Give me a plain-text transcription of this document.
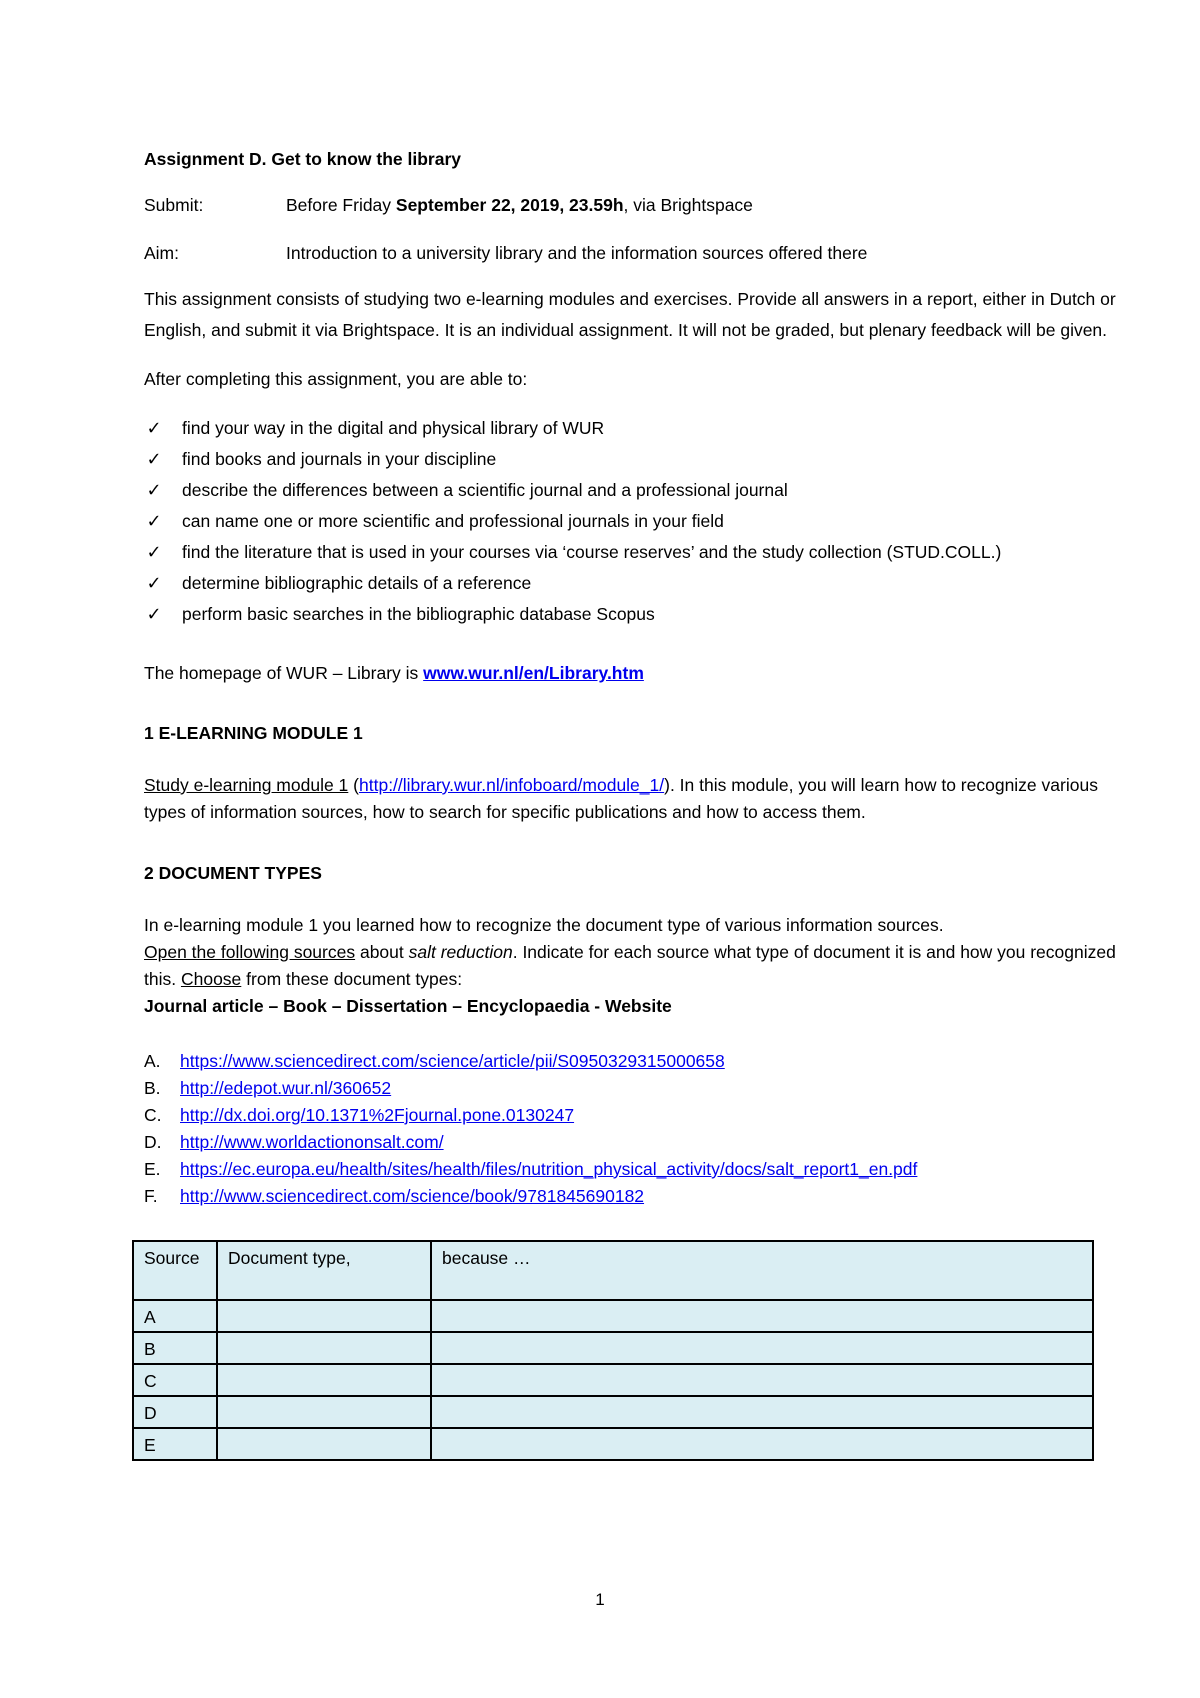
Assignment D. Get to know the library

Submit:	Before Friday September 22, 2019, 23.59h, via Brightspace
Aim:	Introduction to a university library and the information sources offered there

This assignment consists of studying two e-learning modules and exercises. Provide all answers in a report, either in Dutch or English, and submit it via Brightspace. It is an individual assignment. It will not be graded, but plenary feedback will be given.

After completing this assignment, you are able to:

✓ find your way in the digital and physical library of WUR
✓ find books and journals in your discipline
✓ describe the differences between a scientific journal and a professional journal
✓ can name one or more scientific and professional journals in your field
✓ find the literature that is used in your courses via ‘course reserves’ and the study collection (STUD.COLL.)
✓ determine bibliographic details of a reference
✓ perform basic searches in the bibliographic database Scopus

The homepage of WUR – Library is www.wur.nl/en/Library.htm

1 E-LEARNING MODULE 1

Study e-learning module 1 (http://library.wur.nl/infoboard/module_1/). In this module, you will learn how to recognize various types of information sources, how to search for specific publications and how to access them.

2 DOCUMENT TYPES

In e-learning module 1 you learned how to recognize the document type of various information sources.
Open the following sources about salt reduction. Indicate for each source what type of document it is and how you recognized this. Choose from these document types:
Journal article – Book – Dissertation – Encyclopaedia - Website

A.	https://www.sciencedirect.com/science/article/pii/S0950329315000658
B.	http://edepot.wur.nl/360652
C.	http://dx.doi.org/10.1371%2Fjournal.pone.0130247
D.	http://www.worldactiononsalt.com/
E.	https://ec.europa.eu/health/sites/health/files/nutrition_physical_activity/docs/salt_report1_en.pdf
F.	http://www.sciencedirect.com/science/book/9781845690182
Source	Document type,	because …
A		
B		
C		
D		
E		
1
